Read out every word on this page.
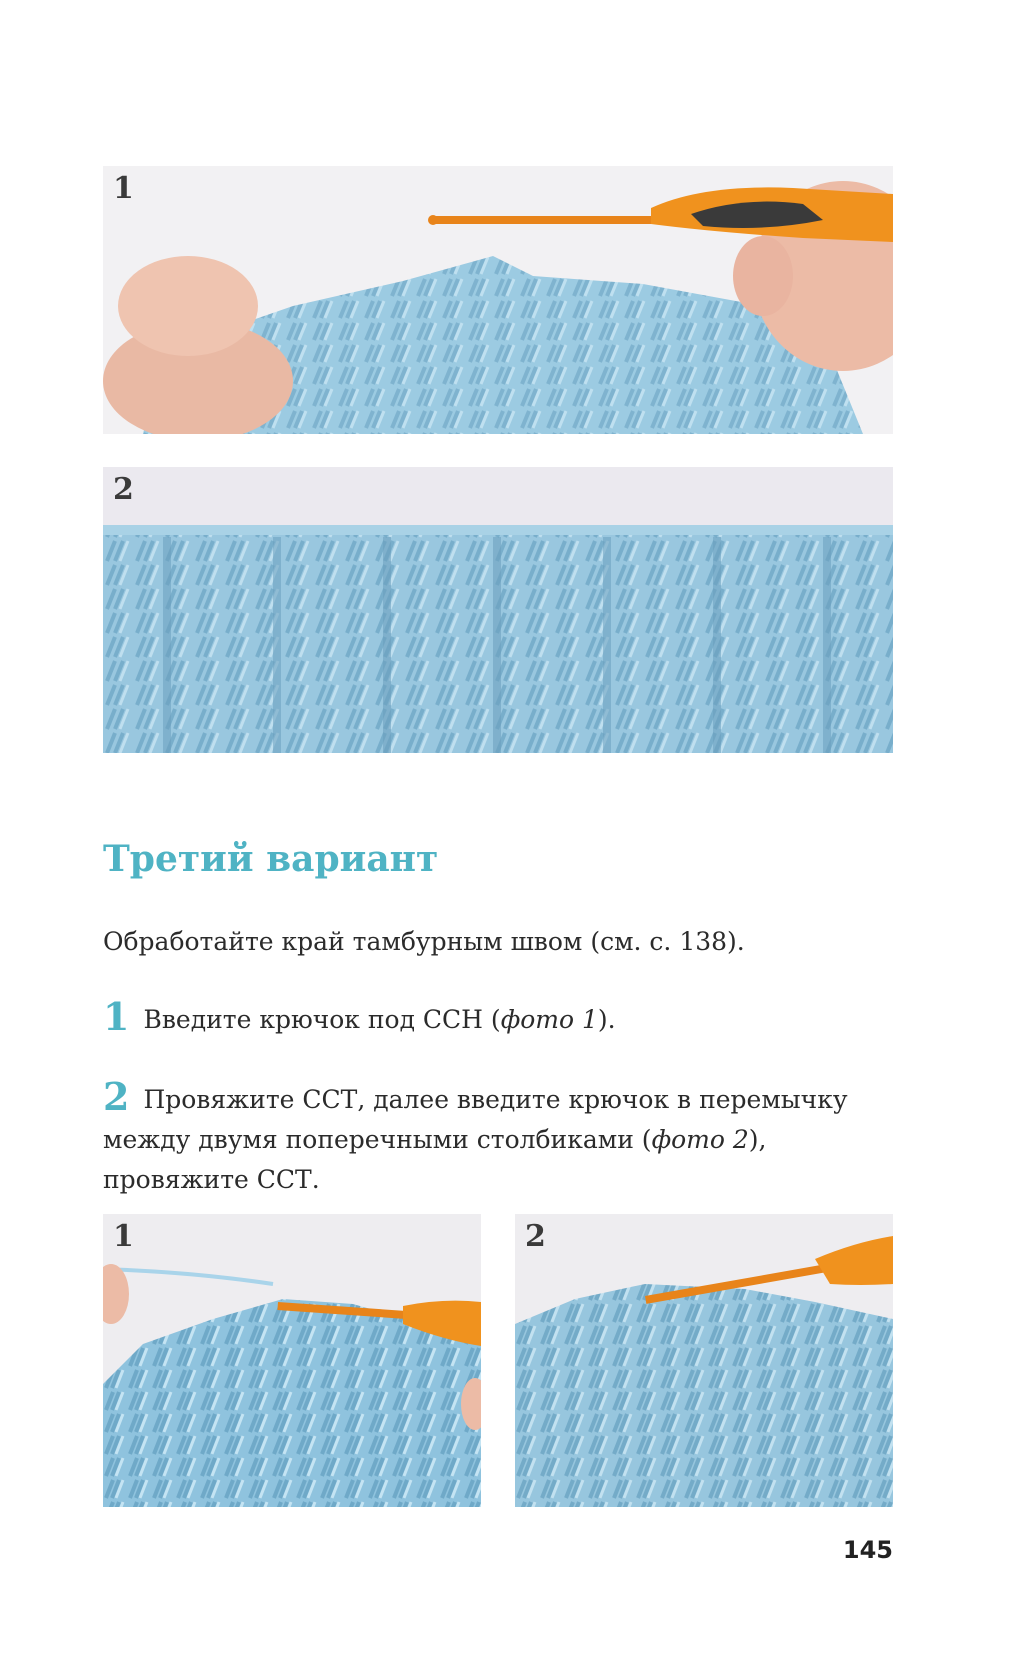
1
2
Третий вариант

Обработайте край тамбурным швом (см. с. 138).

1 Введите крючок под ССН (фото 1).

2 Провяжите ССТ, далее введите крючок в перемычку между двумя поперечными столбиками (фото 2), провяжите ССТ.

1	2
145
